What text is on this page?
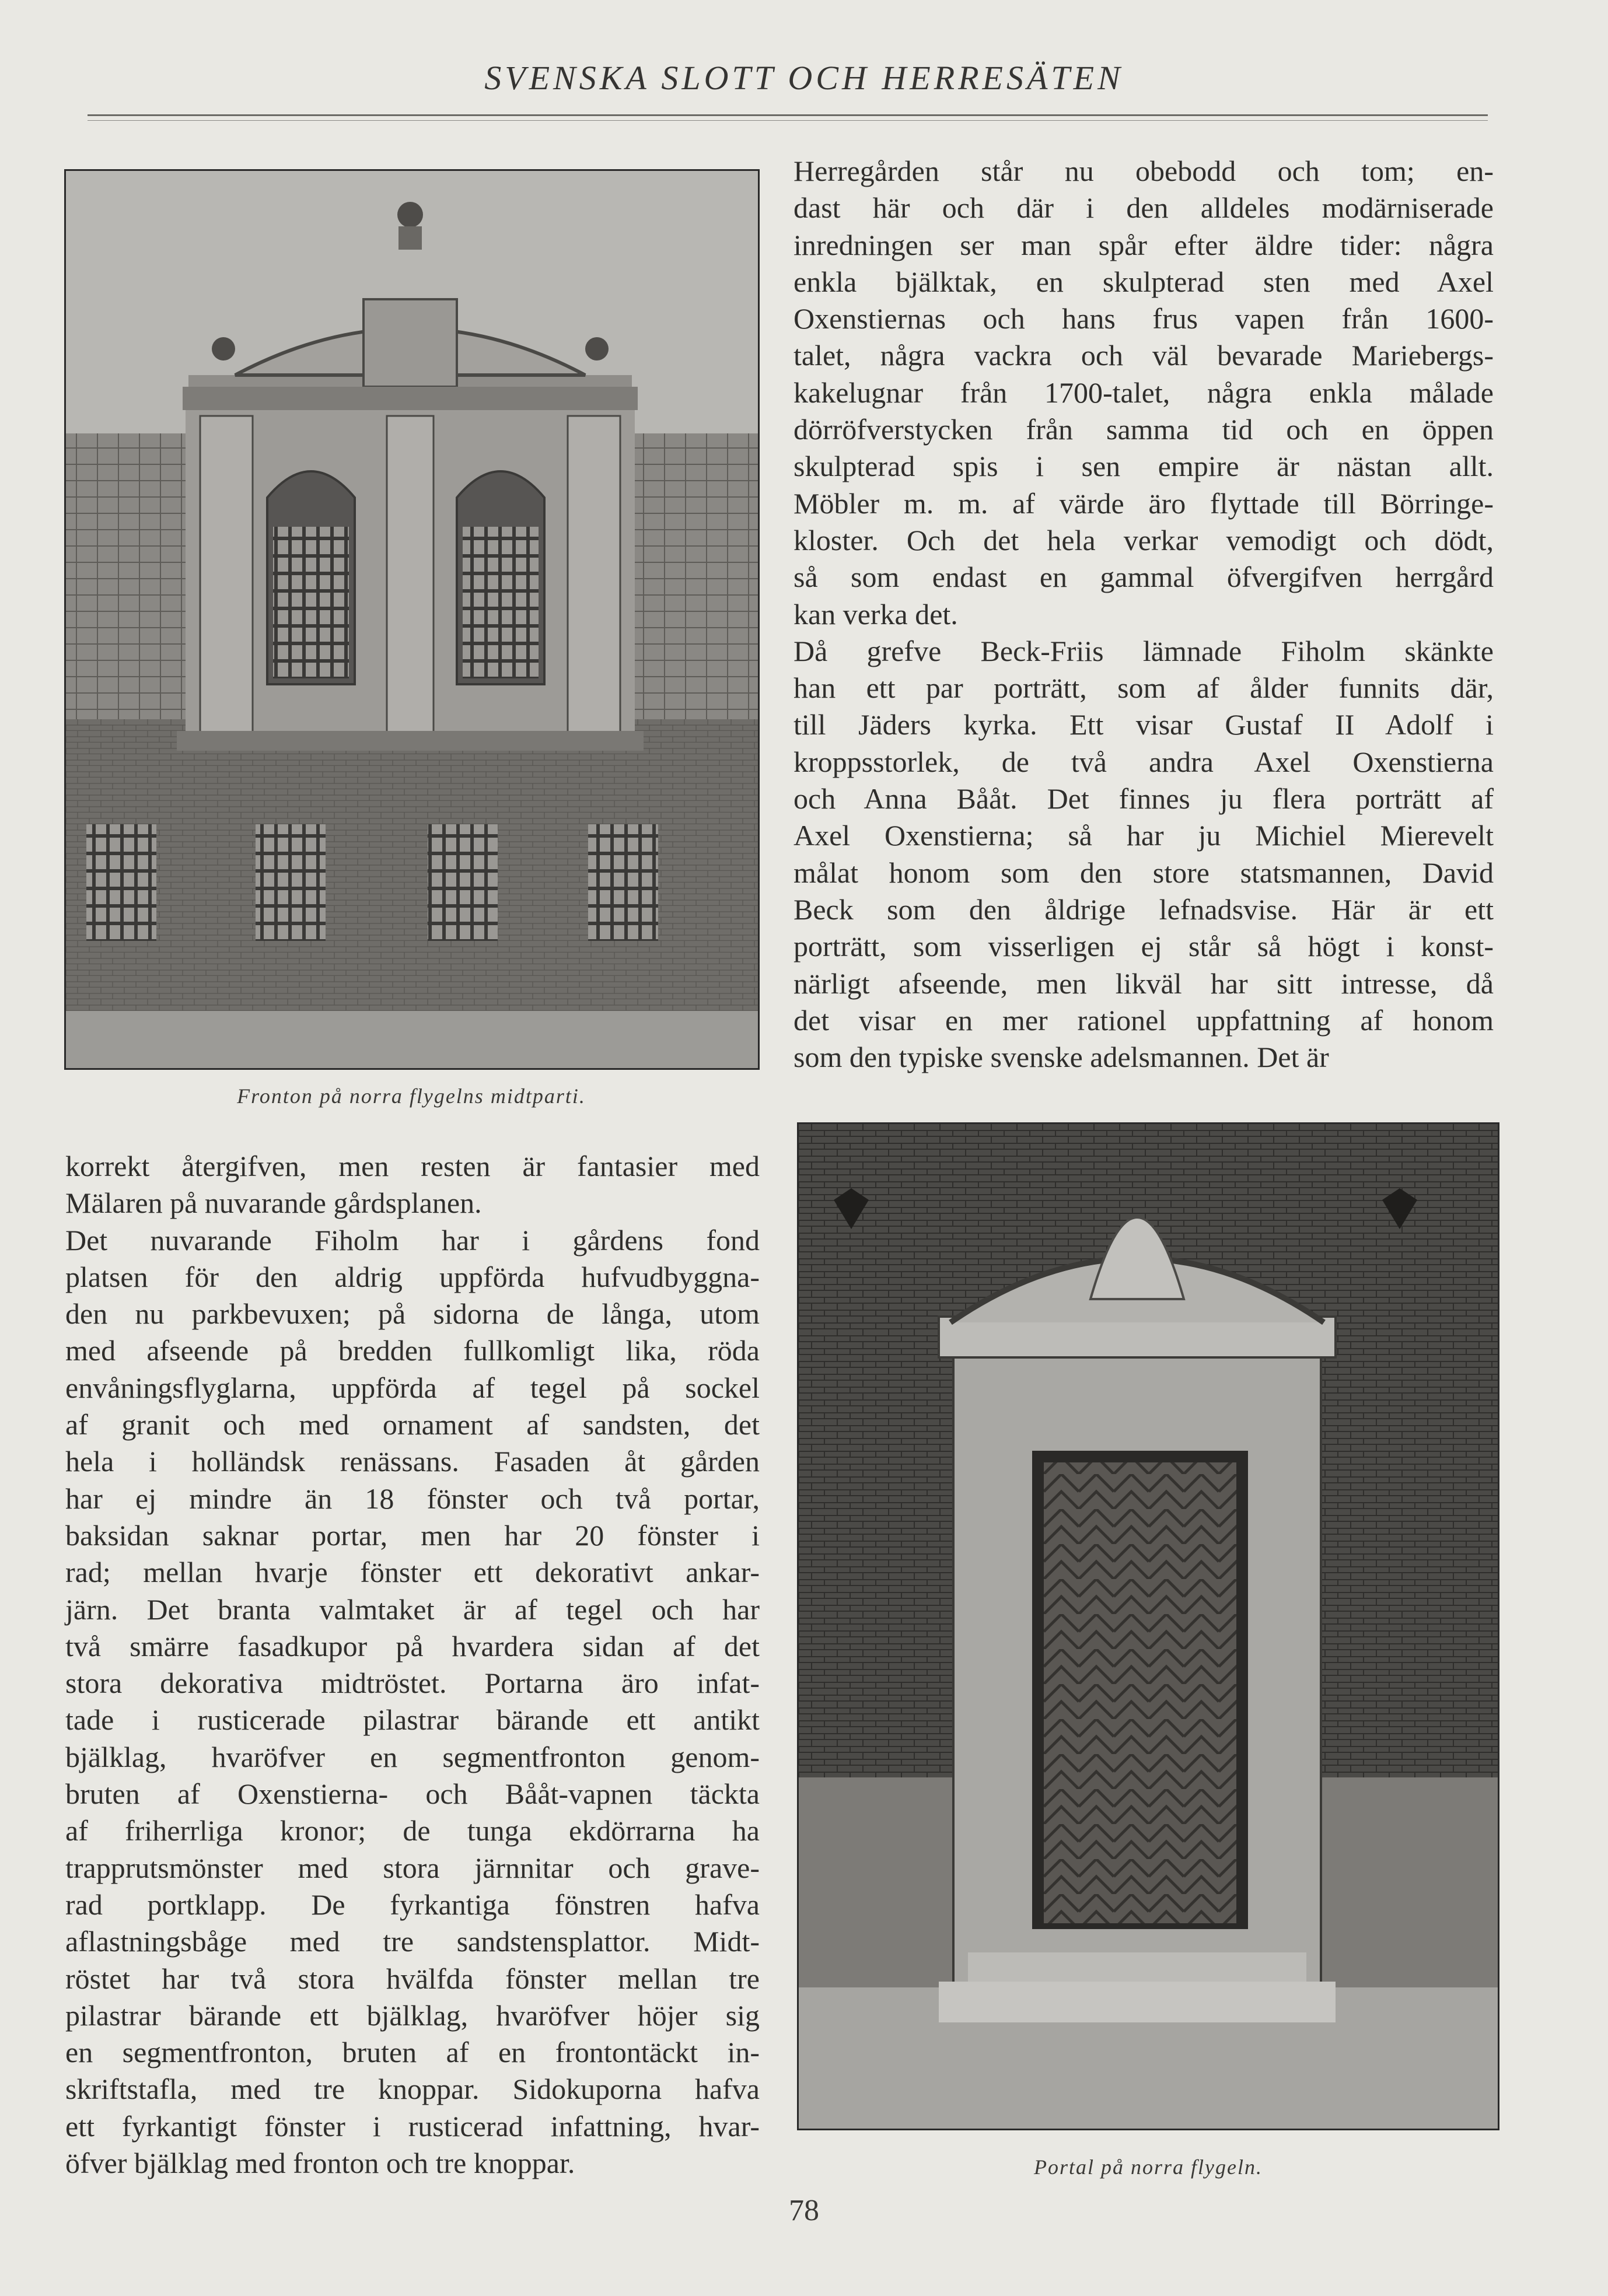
SVENSKA SLOTT OCH HERRESÄTEN
Fronton på norra flygelns midtparti.
Portal på norra flygeln.
Herregården står nu obebodd och tom; en-
dast här och där i den alldeles modärniserade
inredningen ser man spår efter äldre tider: några
enkla bjälktak, en skulpterad sten med Axel
Oxenstiernas och hans frus vapen från 1600-
talet, några vackra och väl bevarade Mariebergs-
kakelugnar från 1700-talet, några enkla målade
dörröfverstycken från samma tid och en öppen
skulpterad spis i sen empire är nästan allt.
Möbler m. m. af värde äro flyttade till Börringe-
kloster. Och det hela verkar vemodigt och dödt,
så som endast en gammal öfvergifven herrgård
kan verka det.
Då grefve Beck-Friis lämnade Fiholm skänkte
han ett par porträtt, som af ålder funnits där,
till Jäders kyrka. Ett visar Gustaf II Adolf i
kroppsstorlek, de två andra Axel Oxenstierna
och Anna Bååt. Det finnes ju flera porträtt af
Axel Oxenstierna; så har ju Michiel Mierevelt
målat honom som den store statsmannen, David
Beck som den åldrige lefnadsvise. Här är ett
porträtt, som visserligen ej står så högt i konst-
närligt afseende, men likväl har sitt intresse, då
det visar en mer rationel uppfattning af honom
som den typiske svenske adelsmannen. Det är
korrekt återgifven, men resten är fantasier med
Mälaren på nuvarande gårdsplanen.
Det nuvarande Fiholm har i gårdens fond
platsen för den aldrig uppförda hufvudbyggna-
den nu parkbevuxen; på sidorna de långa, utom
med afseende på bredden fullkomligt lika, röda
envåningsflyglarna, uppförda af tegel på sockel
af granit och med ornament af sandsten, det
hela i holländsk renässans. Fasaden åt gården
har ej mindre än 18 fönster och två portar,
baksidan saknar portar, men har 20 fönster i
rad; mellan hvarje fönster ett dekorativt ankar-
järn. Det branta valmtaket är af tegel och har
två smärre fasadkupor på hvardera sidan af det
stora dekorativa midtröstet. Portarna äro infat-
tade i rusticerade pilastrar bärande ett antikt
bjälklag, hvaröfver en segmentfronton genom-
bruten af Oxenstierna- och Bååt-vapnen täckta
af friherrliga kronor; de tunga ekdörrarna ha
trapprutsmönster med stora järnnitar och grave-
rad portklapp. De fyrkantiga fönstren hafva
aflastningsbåge med tre sandstensplattor. Midt-
röstet har två stora hvälfda fönster mellan tre
pilastrar bärande ett bjälklag, hvaröfver höjer sig
en segmentfronton, bruten af en frontontäckt in-
skriftstafla, med tre knoppar. Sidokuporna hafva
ett fyrkantigt fönster i rusticerad infattning, hvar-
öfver bjälklag med fronton och tre knoppar.
78
